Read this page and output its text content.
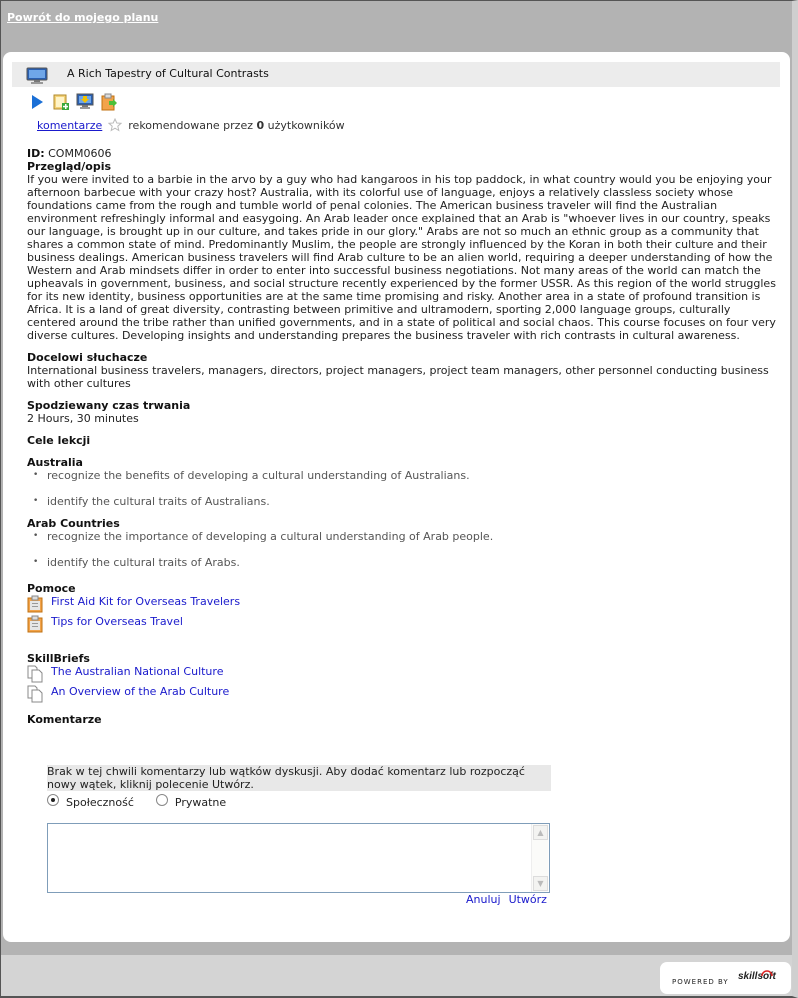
Powrót do mojego planu
A Rich Tapestry of Cultural Contrasts
komentarze rekomendowane przez
0
użytkowników
ID: COMM0606
Przegląd/opis
If you were invited to a barbie in the arvo by a guy who had kangaroos in his top paddock, in what country would you be enjoying your afternoon barbecue with your crazy host? Australia, with its colorful use of language, enjoys a relatively classless society whose foundations came from the rough and tumble world of penal colonies. The American business traveler will find the Australian environment refreshingly informal and easygoing. An Arab leader once explained that an Arab is "whoever lives in our country, speaks our language, is brought up in our culture, and takes pride in our glory." Arabs are not so much an ethnic group as a community that shares a common state of mind. Predominantly Muslim, the people are strongly influenced by the Koran in both their culture and their business dealings. American business travelers will find Arab culture to be an alien world, requiring a deeper understanding of how the Western and Arab mindsets differ in order to enter into successful business negotiations. Not many areas of the world can match the upheavals in government, business, and social structure recently experienced by the former USSR. As this region of the world struggles for its new identity, business opportunities are at the same time promising and risky. Another area in a state of profound transition is Africa. It is a land of great diversity, contrasting between primitive and ultramodern, sporting 2,000 language groups, culturally centered around the tribe rather than unified governments, and in a state of political and social chaos. This course focuses on four very diverse cultures. Developing insights and understanding prepares the business traveler with rich contrasts in cultural awareness.
Docelowi słuchacze
International business travelers, managers, directors, project managers, project team managers, other personnel conducting business with other cultures
Spodziewany czas trwania
2 Hours, 30 minutes
Cele lekcji
Australia
• recognize the benefits of developing a cultural understanding of Australians.
• identify the cultural traits of Australians.
Arab Countries
• recognize the importance of developing a cultural understanding of Arab people.
• identify the cultural traits of Arabs.
Pomoce
First Aid Kit for Overseas Travelers
Tips for Overseas Travel
SkillBriefs
The Australian National Culture
An Overview of the Arab Culture
Komentarze
Brak w tej chwili komentarzy lub wątków dyskusji. Aby dodać komentarz lub rozpocząć nowy wątek, kliknij polecenie Utwórz.
Społeczność	Prywatne
▲
▼
Anuluj Utwórz
POWERED BY skillsoft
